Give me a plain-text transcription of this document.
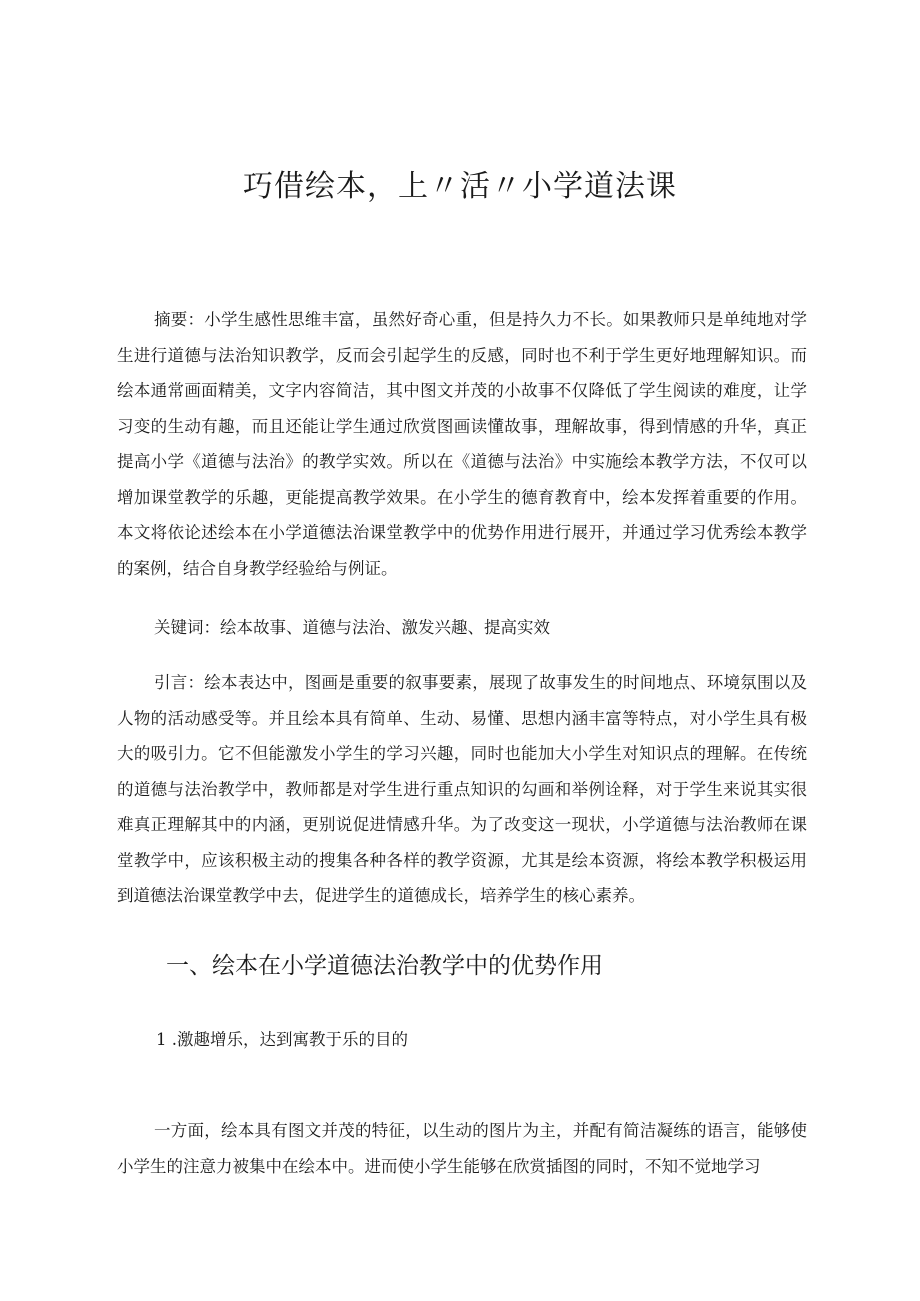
巧借绘本，上〃活〃小学道法课

摘要：小学生感性思维丰富，虽然好奇心重，但是持久力不长。如果教师只是单纯地对学生进行道德与法治知识教学，反而会引起学生的反感，同时也不利于学生更好地理解知识。而绘本通常画面精美，文字内容简洁，其中图文并茂的小故事不仅降低了学生阅读的难度，让学习变的生动有趣，而且还能让学生通过欣赏图画读懂故事，理解故事，得到情感的升华，真正提高小学《道德与法治》的教学实效。所以在《道德与法治》中实施绘本教学方法，不仅可以增加课堂教学的乐趣，更能提高教学效果。在小学生的德育教育中，绘本发挥着重要的作用。本文将依论述绘本在小学道德法治课堂教学中的优势作用进行展开，并通过学习优秀绘本教学的案例，结合自身教学经验给与例证。

关键词：绘本故事、道德与法治、激发兴趣、提高实效

引言：绘本表达中，图画是重要的叙事要素，展现了故事发生的时间地点、环境氛围以及人物的活动感受等。并且绘本具有简单、生动、易懂、思想内涵丰富等特点，对小学生具有极大的吸引力。它不但能激发小学生的学习兴趣，同时也能加大小学生对知识点的理解。在传统的道德与法治教学中，教师都是对学生进行重点知识的勾画和举例诠释，对于学生来说其实很难真正理解其中的内涵，更别说促进情感升华。为了改变这一现状，小学道德与法治教师在课堂教学中，应该积极主动的搜集各种各样的教学资源，尤其是绘本资源，将绘本教学积极运用到道德法治课堂教学中去，促进学生的道德成长，培养学生的核心素养。

一、绘本在小学道德法治教学中的优势作用
1 .激趣增乐，达到寓教于乐的目的

一方面，绘本具有图文并茂的特征，以生动的图片为主，并配有简洁凝练的语言，能够使小学生的注意力被集中在绘本中。进而使小学生能够在欣赏插图的同时，不知不觉地学习
